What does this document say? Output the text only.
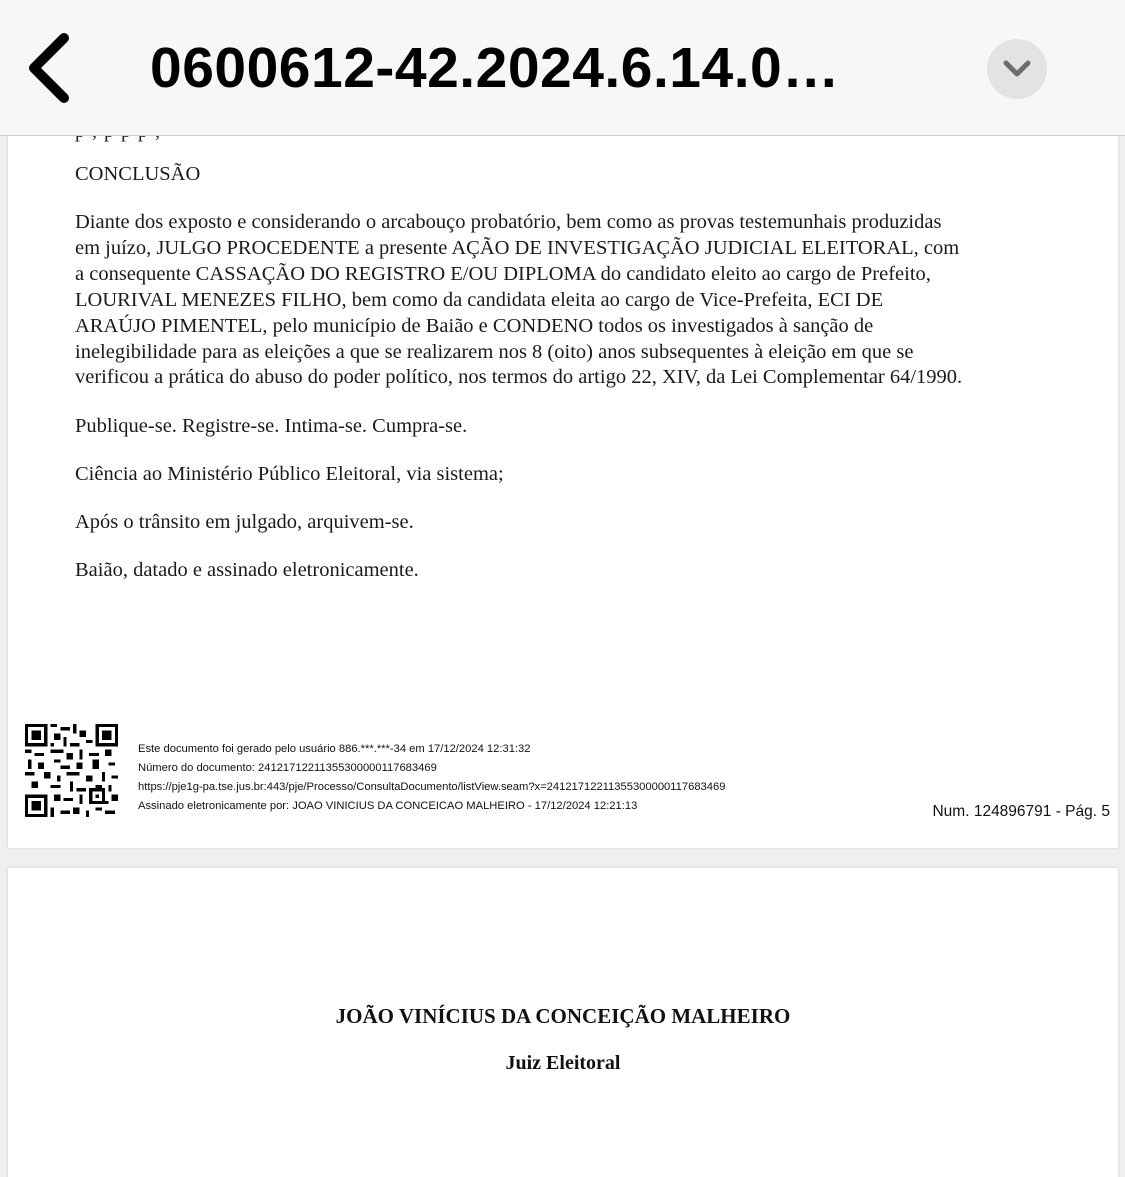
CONCLUSÃO

Diante dos exposto e considerando o arcabouço probatório, bem como as provas testemunhais produzidas
em juízo, JULGO PROCEDENTE a presente AÇÃO DE INVESTIGAÇÃO JUDICIAL ELEITORAL, com
a consequente CASSAÇÃO DO REGISTRO E/OU DIPLOMA do candidato eleito ao cargo de Prefeito,
LOURIVAL MENEZES FILHO, bem como da candidata eleita ao cargo de Vice-Prefeita, ECI DE
ARAÚJO PIMENTEL, pelo município de Baião e CONDENO todos os investigados à sanção de
inelegibilidade para as eleições a que se realizarem nos 8 (oito) anos subsequentes à eleição em que se
verificou a prática do abuso do poder político, nos termos do artigo 22, XIV, da Lei Complementar 64/1990.

Publique-se. Registre-se. Intima-se. Cumpra-se.

Ciência ao Ministério Público Eleitoral, via sistema;

Após o trânsito em julgado, arquivem-se.

Baião, datado e assinado eletronicamente.

Este documento foi gerado pelo usuário 886.***.***-34 em 17/12/2024 12:31:32
Número do documento: 24121712211355300000117683469
https://pje1g-pa.tse.jus.br:443/pje/Processo/ConsultaDocumento/listView.seam?x=24121712211355300000117683469
Assinado eletronicamente por: JOAO VINICIUS DA CONCEICAO MALHEIRO - 17/12/2024 12:21:13	Num. 124896791 - Pág. 5
JOÃO VINÍCIUS DA CONCEIÇÃO MALHEIRO
Juiz Eleitoral
0600612-42.2024.6.14.0…
